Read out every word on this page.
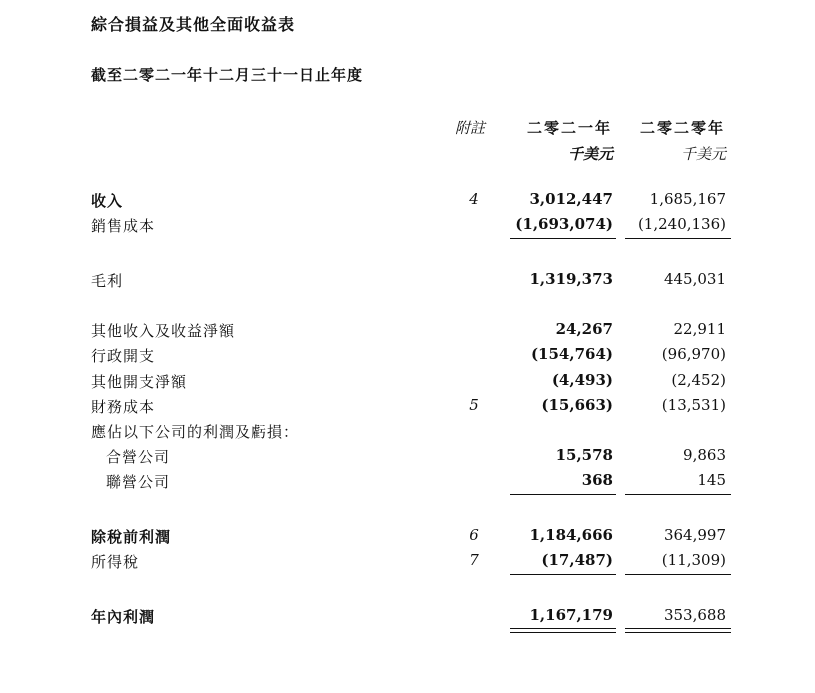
綜合損益及其他全面收益表
截至二零二一年十二月三十一日止年度
附註	二零二一年 二零二零年
千美元	千美元
收入	4	3,012,447 1,685,167
銷售成本	(1,693,074) (1,240,136)
毛利	1,319,373	445,031
其他收入及收益淨額	24,267	22,911
行政開支	(154,764)	(96,970)
其他開支淨額	(4,493)	(2,452)
財務成本	5	(15,663)	(13,531)
應佔以下公司的利潤及虧損：
合營公司	15,578	9,863
聯營公司	368	145
除稅前利潤	6	1,184,666	364,997
所得稅	7	(17,487)	(11,309)
年內利潤	1,167,179	353,688
